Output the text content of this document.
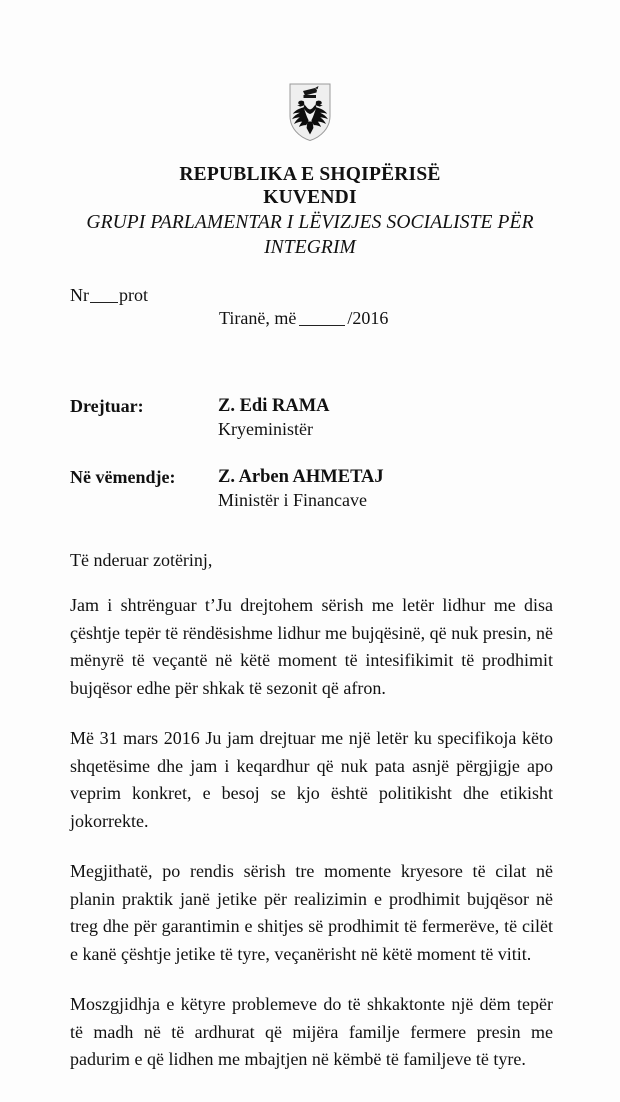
REPUBLIKA E SHQIPËRISË
KUVENDI
GRUPI PARLAMENTAR I LËVIZJES SOCIALISTE PËR INTEGRIM
Nr prot
Tiranë, më	/2016
Drejtuar:	Z. Edi RAMA
Kryeministër
Në vëmendje:	Z. Arben AHMETAJ
Ministër i Financave
Të nderuar zotërinj,

Jam i shtrënguar t’Ju drejtohem sërish me letër lidhur me disa çështje tepër të rëndësishme lidhur me bujqësinë, që nuk presin, në mënyrë të veçantë në këtë moment të intesifikimit të prodhimit bujqësor edhe për shkak të sezonit që afron.

Më 31 mars 2016 Ju jam drejtuar me një letër ku specifikoja këto shqetësime dhe jam i keqardhur që nuk pata asnjë përgjigje apo veprim konkret, e besoj se kjo është politikisht dhe etikisht jokorrekte.

Megjithatë, po rendis sërish tre momente kryesore të cilat në planin praktik janë jetike për realizimin e prodhimit bujqësor në treg dhe për garantimin e shitjes së prodhimit të fermerëve, të cilët e kanë çështje jetike të tyre, veçanërisht në këtë moment të vitit.

Moszgjidhja e këtyre problemeve do të shkaktonte një dëm tepër të madh në të ardhurat që mijëra familje fermere presin me padurim e që lidhen me mbajtjen në këmbë të familjeve të tyre.
